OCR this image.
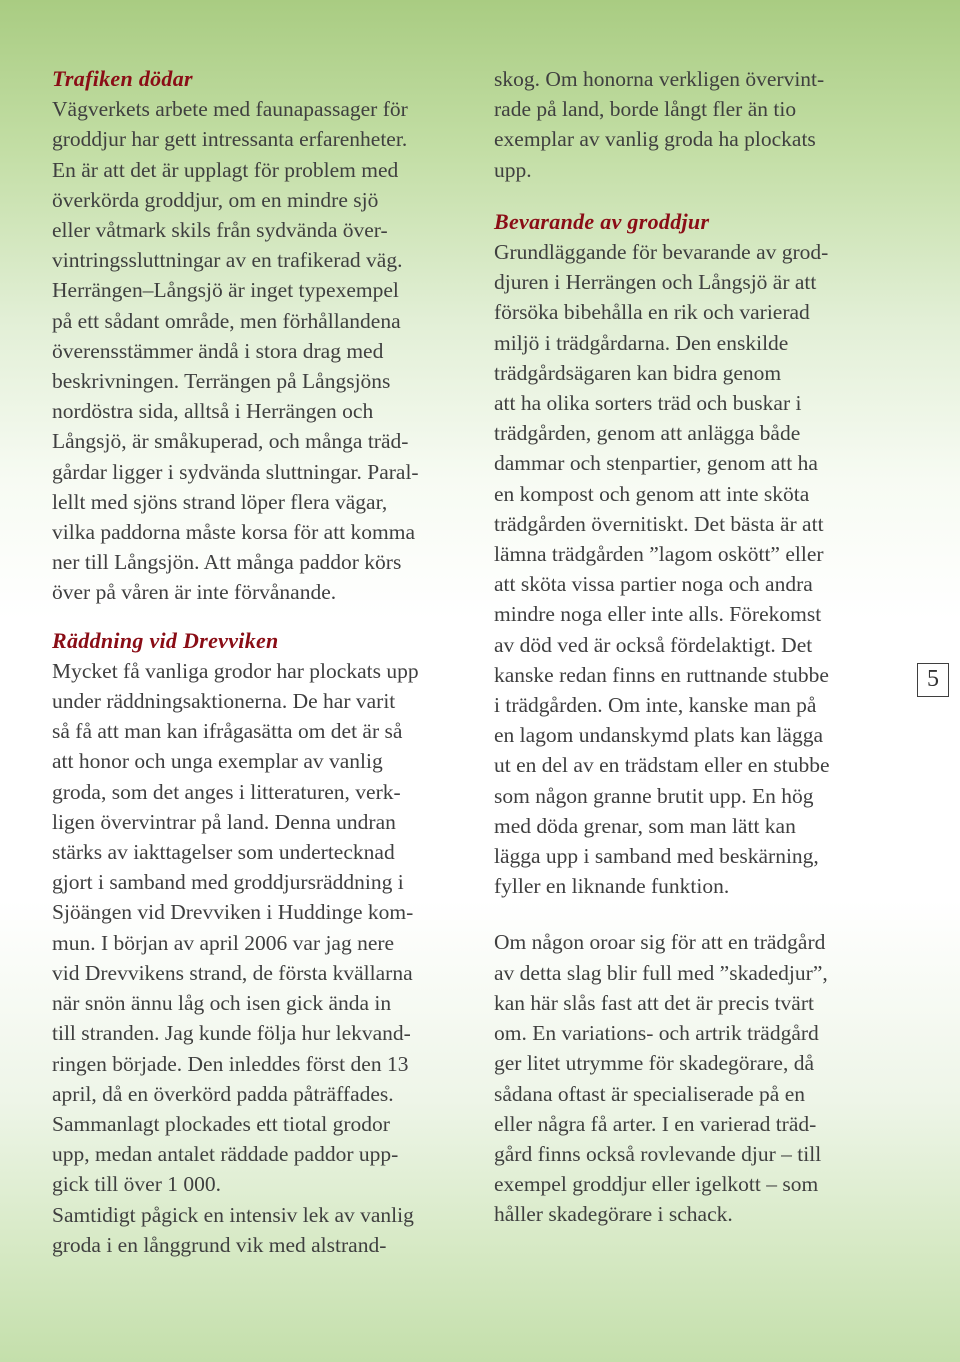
Trafiken dödar
Vägverkets arbete med faunapassager för
groddjur har gett intressanta erfarenheter.
En är att det är upplagt för problem med
överkörda groddjur, om en mindre sjö
eller våtmark skils från sydvända över-
vintringssluttningar av en trafikerad väg.
Herrängen–Långsjö är inget typexempel
på ett sådant område, men förhållandena
överensstämmer ändå i stora drag med
beskrivningen. Terrängen på Långsjöns
nordöstra sida, alltså i Herrängen och
Långsjö, är småkuperad, och många träd-
gårdar ligger i sydvända sluttningar. Paral-
lellt med sjöns strand löper flera vägar,
vilka paddorna måste korsa för att komma
ner till Långsjön. Att många paddor körs
över på våren är inte förvånande.
Räddning vid Drevviken
Mycket få vanliga grodor har plockats upp
under räddningsaktionerna. De har varit
så få att man kan ifrågasätta om det är så
att honor och unga exemplar av vanlig
groda, som det anges i litteraturen, verk-
ligen övervintrar på land. Denna undran
stärks av iakttagelser som undertecknad
gjort i samband med groddjursräddning i
Sjöängen vid Drevviken i Huddinge kom-
mun. I början av april 2006 var jag nere
vid Drevvikens strand, de första kvällarna
när snön ännu låg och isen gick ända in
till stranden. Jag kunde följa hur lekvand-
ringen började. Den inleddes först den 13
april, då en överkörd padda påträffades.
Sammanlagt plockades ett tiotal grodor
upp, medan antalet räddade paddor upp-
gick till över 1 000.
Samtidigt pågick en intensiv lek av vanlig
groda i en långgrund vik med alstrand-
skog. Om honorna verkligen övervint-
rade på land, borde långt fler än tio
exemplar av vanlig groda ha plockats
upp.
Bevarande av groddjur
Grundläggande för bevarande av grod-
djuren i Herrängen och Långsjö är att
försöka bibehålla en rik och varierad
miljö i trädgårdarna. Den enskilde
trädgårdsägaren kan bidra genom
att ha olika sorters träd och buskar i
trädgården, genom att anlägga både
dammar och stenpartier, genom att ha
en kompost och genom att inte sköta
trädgården övernitiskt. Det bästa är att
lämna trädgården ”lagom osköttˮ eller
att sköta vissa partier noga och andra
mindre noga eller inte alls. Förekomst
av död ved är också fördelaktigt. Det
kanske redan finns en ruttnande stubbe
i trädgården. Om inte, kanske man på
en lagom undanskymd plats kan lägga
ut en del av en trädstam eller en stubbe
som någon granne brutit upp. En hög
med döda grenar, som man lätt kan
lägga upp i samband med beskärning,
fyller en liknande funktion.
Om någon oroar sig för att en trädgård
av detta slag blir full med ”skadedjur”,
kan här slås fast att det är precis tvärt
om. En variations- och artrik trädgård
ger litet utrymme för skadegörare, då
sådana oftast är specialiserade på en
eller några få arter. I en varierad träd-
gård finns också rovlevande djur – till
exempel groddjur eller igelkott – som
håller skadegörare i schack.
5
